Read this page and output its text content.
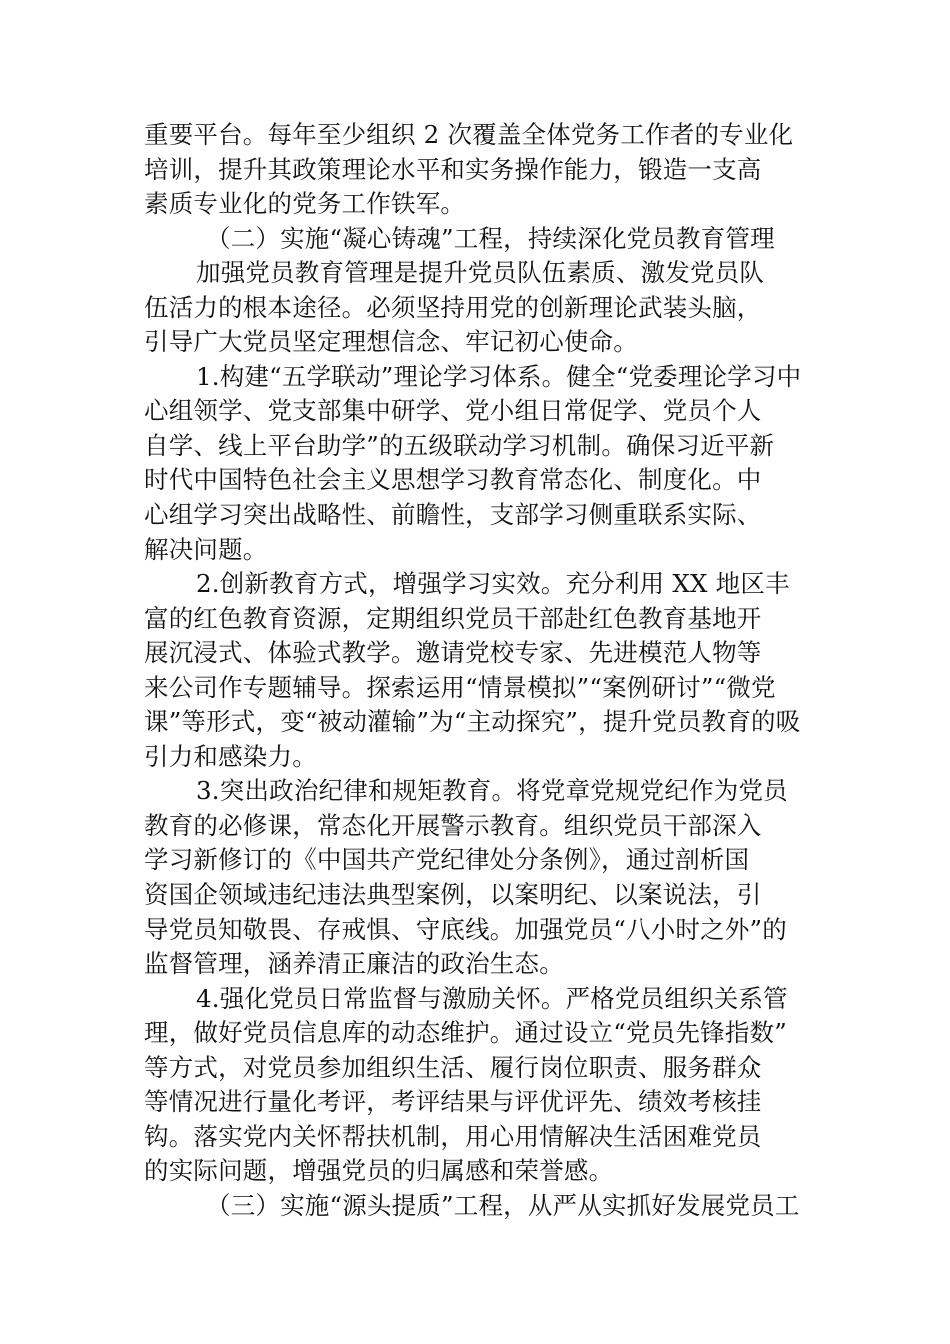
重要平台。每年至少组织 2 次覆盖全体党务工作者的专业化
培训，提升其政策理论水平和实务操作能力，锻造一支高
素质专业化的党务工作铁军。
（二）实施“凝心铸魂”工程，持续深化党员教育管理
加强党员教育管理是提升党员队伍素质、激发党员队
伍活力的根本途径。必须坚持用党的创新理论武装头脑，
引导广大党员坚定理想信念、牢记初心使命。
1.构建“五学联动”理论学习体系。健全“党委理论学习中
心组领学、党支部集中研学、党小组日常促学、党员个人
自学、线上平台助学”的五级联动学习机制。确保习近平新
时代中国特色社会主义思想学习教育常态化、制度化。中
心组学习突出战略性、前瞻性，支部学习侧重联系实际、
解决问题。
2.创新教育方式，增强学习实效。充分利用 XX 地区丰
富的红色教育资源，定期组织党员干部赴红色教育基地开
展沉浸式、体验式教学。邀请党校专家、先进模范人物等
来公司作专题辅导。探索运用“情景模拟”“案例研讨”“微党
课”等形式，变“被动灌输”为“主动探究”，提升党员教育的吸
引力和感染力。
3.突出政治纪律和规矩教育。将党章党规党纪作为党员
教育的必修课，常态化开展警示教育。组织党员干部深入
学习新修订的《中国共产党纪律处分条例》，通过剖析国
资国企领域违纪违法典型案例，以案明纪、以案说法，引
导党员知敬畏、存戒惧、守底线。加强党员“八小时之外”的
监督管理，涵养清正廉洁的政治生态。
4.强化党员日常监督与激励关怀。严格党员组织关系管
理，做好党员信息库的动态维护。通过设立“党员先锋指数”
等方式，对党员参加组织生活、履行岗位职责、服务群众
等情况进行量化考评，考评结果与评优评先、绩效考核挂
钩。落实党内关怀帮扶机制，用心用情解决生活困难党员
的实际问题，增强党员的归属感和荣誉感。
（三）实施“源头提质”工程，从严从实抓好发展党员工
